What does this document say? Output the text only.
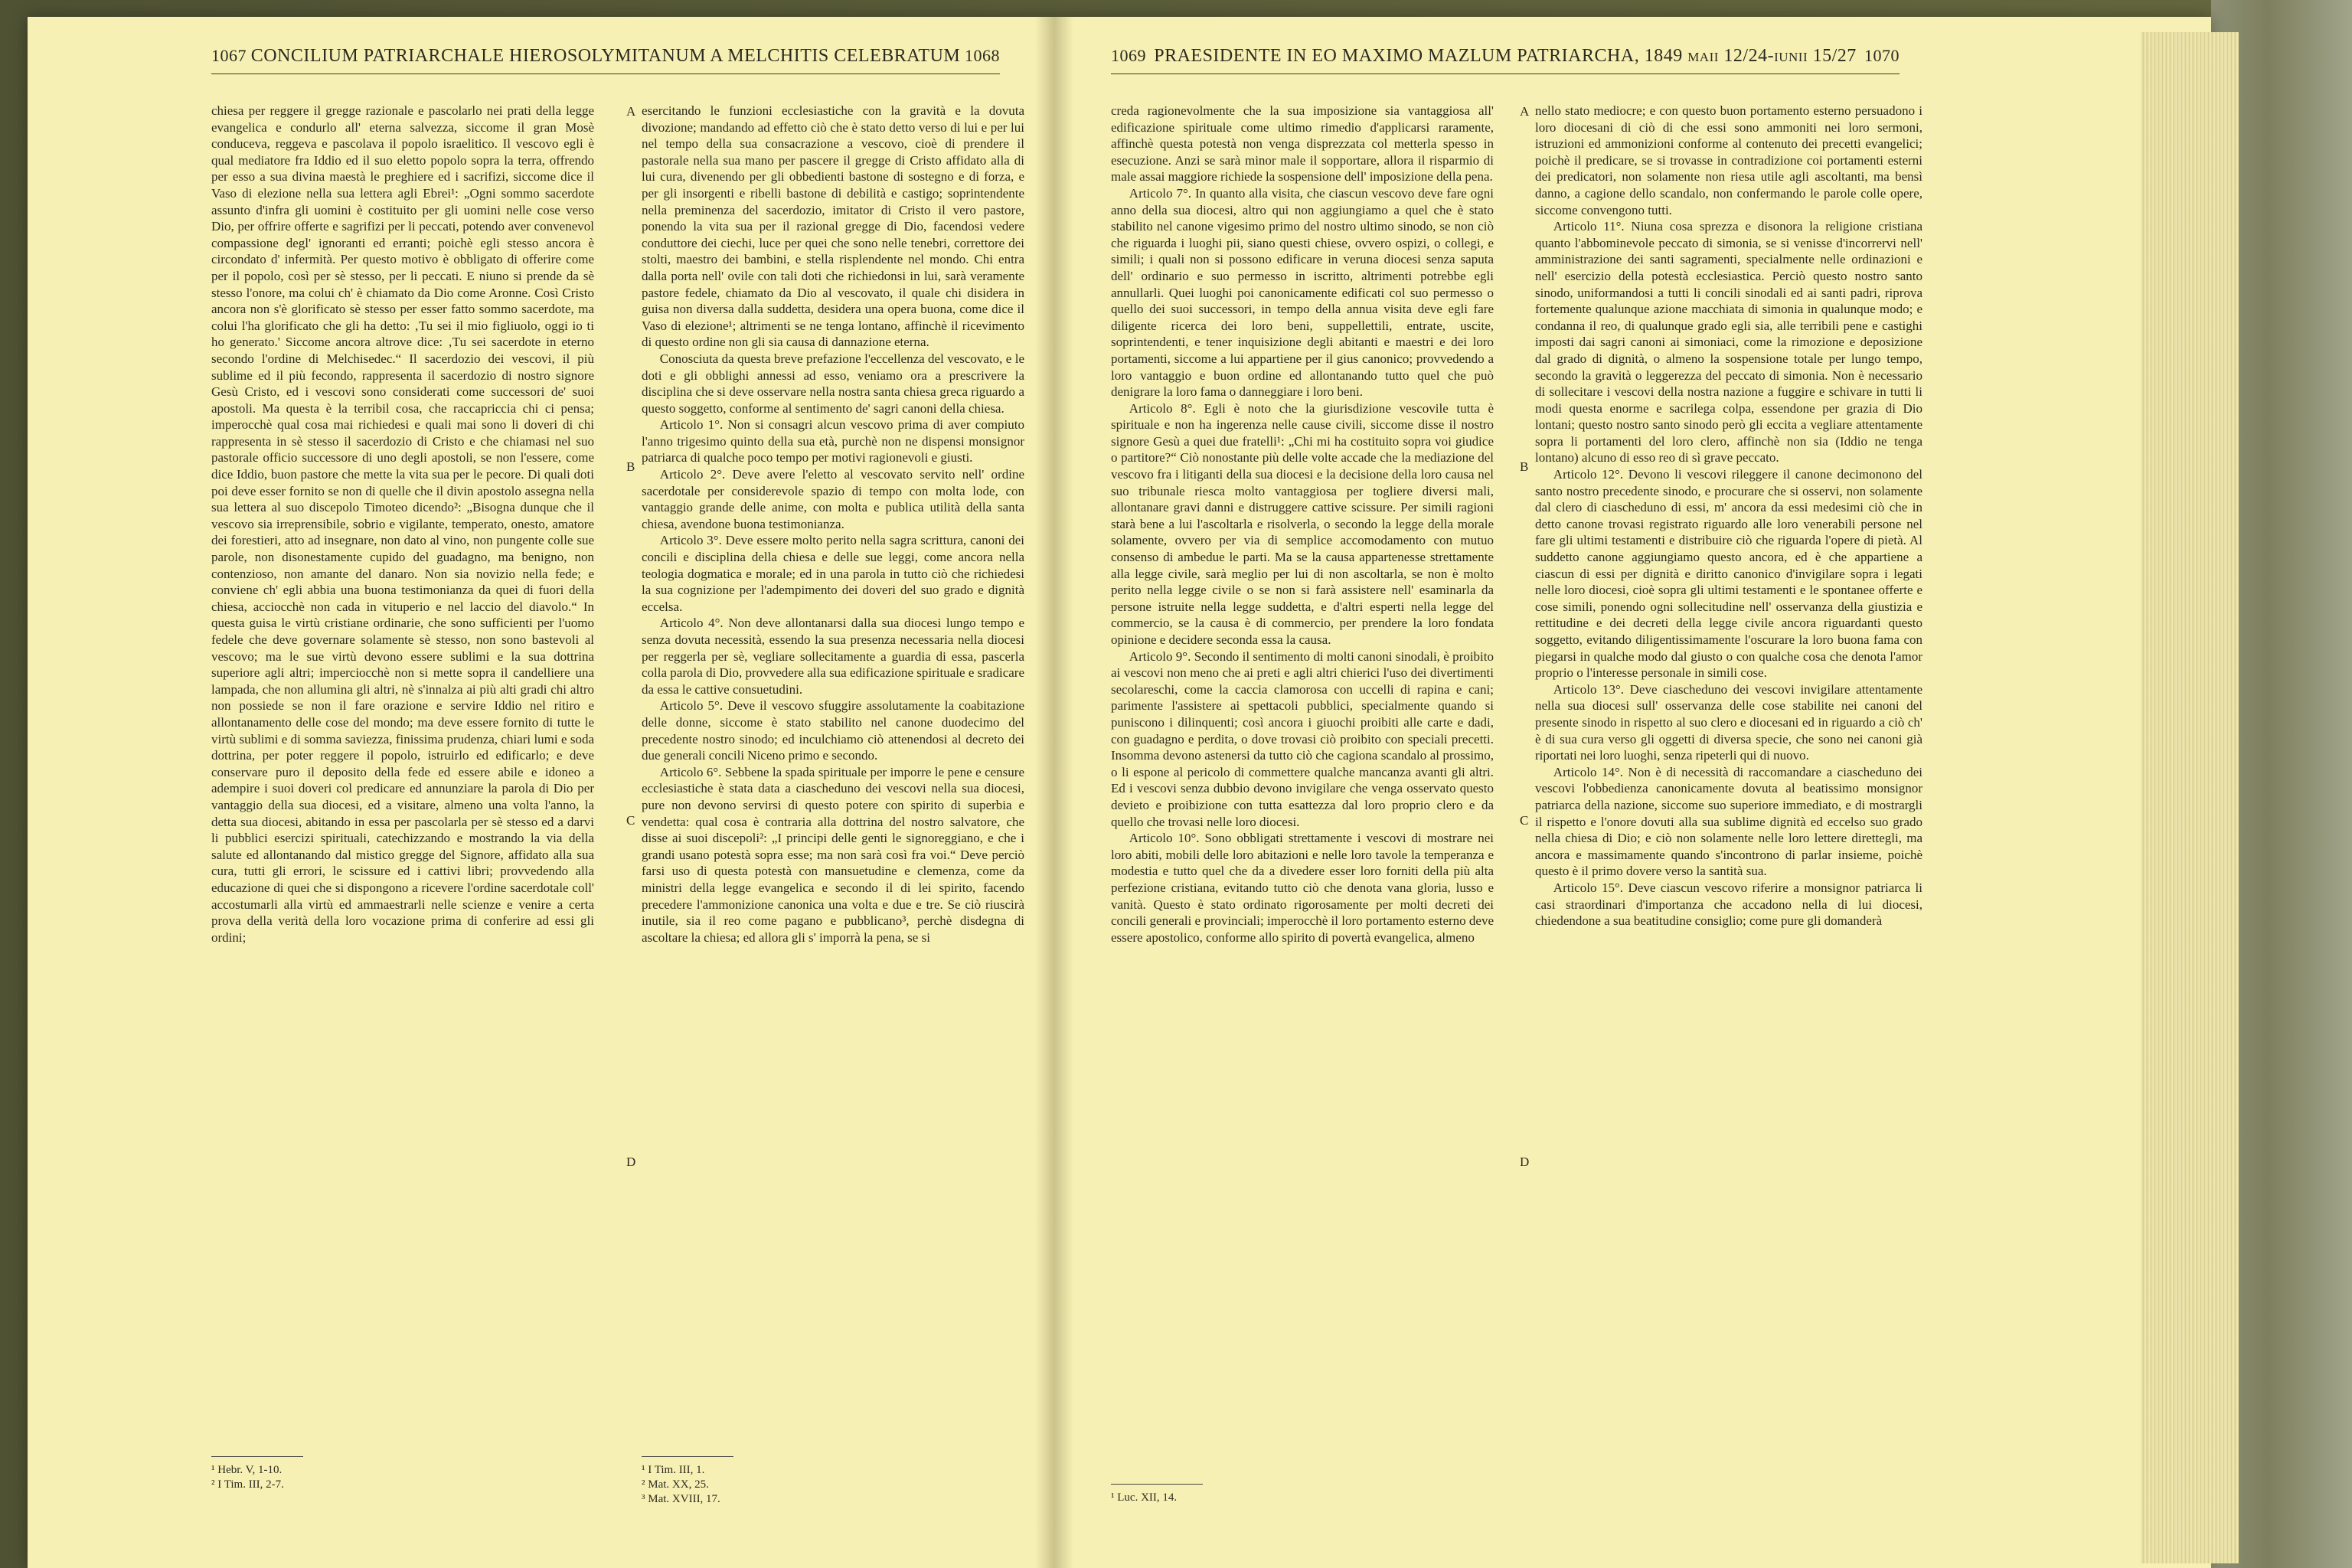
1067 CONCILIUM PATRIARCHALE HIEROSOLYMITANUM A MELCHITIS CELEBRATUM 1068

chiesa per reggere il gregge razionale e pascolarlo nei prati della legge evangelica e condurlo all' eterna salvezza, siccome il gran Mosè conduceva, reggeva e pascolava il popolo israelitico. Il vescovo egli è qual mediatore fra Iddio ed il suo eletto popolo sopra la terra, offrendo per esso a sua divina maestà le preghiere ed i sacrifizi, siccome dice il Vaso di elezione nella sua lettera agli Ebrei¹: „Ogni sommo sacerdote assunto d'infra gli uomini è costituito per gli uomini nelle cose verso Dio, per offrire offerte e sagrifizi per li peccati, potendo aver convenevol compassione degl' ignoranti ed erranti; poichè egli stesso ancora è circondato d' infermità. Per questo motivo è obbligato di offerire come per il popolo, così per sè stesso, per li peccati. E niuno si prende da sè stesso l'onore, ma colui ch' è chiamato da Dio come Aronne. Così Cristo ancora non s'è glorificato sè stesso per esser fatto sommo sacerdote, ma colui l'ha glorificato che gli ha detto: ‚Tu sei il mio figliuolo, oggi io ti ho generato.' Siccome ancora altrove dice: ‚Tu sei sacerdote in eterno secondo l'ordine di Melchisedec.“ Il sacerdozio dei vescovi, il più sublime ed il più fecondo, rappresenta il sacerdozio di nostro signore Gesù Cristo, ed i vescovi sono considerati come successori de' suoi apostoli. Ma questa è la terribil cosa, che raccapriccia chi ci pensa; imperocchè qual cosa mai richiedesi e quali mai sono li doveri di chi rappresenta in sè stesso il sacerdozio di Cristo e che chiamasi nel suo pastorale officio successore di uno degli apostoli, se non l'essere, come dice Iddio, buon pastore che mette la vita sua per le pecore. Di quali doti poi deve esser fornito se non di quelle che il divin apostolo assegna nella sua lettera al suo discepolo Timoteo dicendo²: „Bisogna dunque che il vescovo sia irreprensibile, sobrio e vigilante, temperato, onesto, amatore dei forestieri, atto ad insegnare, non dato al vino, non pungente colle sue parole, non disonestamente cupido del guadagno, ma benigno, non contenzioso, non amante del danaro. Non sia novizio nella fede; e conviene ch' egli abbia una buona testimonianza da quei di fuori della chiesa, acciocchè non cada in vituperio e nel laccio del diavolo.“ In questa guisa le virtù cristiane ordinarie, che sono sufficienti per l'uomo fedele che deve governare solamente sè stesso, non sono bastevoli al vescovo; ma le sue virtù devono essere sublimi e la sua dottrina superiore agli altri; imperciocchè non si mette sopra il candelliere una lampada, che non allumina gli altri, nè s'innalza ai più alti gradi chi altro non possiede se non il fare orazione e servire Iddio nel ritiro e allontanamento delle cose del mondo; ma deve essere fornito di tutte le virtù sublimi e di somma saviezza, finissima prudenza, chiari lumi e soda dottrina, per poter reggere il popolo, istruirlo ed edificarlo; e deve conservare puro il deposito della fede ed essere abile e idoneo a adempire i suoi doveri col predicare ed annunziare la parola di Dio per vantaggio della sua diocesi, ed a visitare, almeno una volta l'anno, la detta sua diocesi, abitando in essa per pascolarla per sè stesso ed a darvi li pubblici esercizi spirituali, catechizzando e mostrando la via della salute ed allontanando dal mistico gregge del Signore, affidato alla sua cura, tutti gli errori, le scissure ed i cattivi libri; provvedendo alla educazione di quei che si dispongono a ricevere l'ordine sacerdotale coll' accostumarli alla virtù ed ammaestrarli nelle scienze e venire a certa prova della verità della loro vocazione prima di conferire ad essi gli ordini;

A
B
C
D

esercitando le funzioni ecclesiastiche con la gravità e la dovuta divozione; mandando ad effetto ciò che è stato detto verso di lui e per lui nel tempo della sua consacrazione a vescovo, cioè di prendere il pastorale nella sua mano per pascere il gregge di Cristo affidato alla di lui cura, divenendo per gli obbedienti bastone di sostegno e di forza, e per gli insorgenti e ribelli bastone di debilità e castigo; soprintendente nella preminenza del sacerdozio, imitator di Cristo il vero pastore, ponendo la vita sua per il razional gregge di Dio, facendosi vedere conduttore dei ciechi, luce per quei che sono nelle tenebri, correttore dei stolti, maestro dei bambini, e stella risplendente nel mondo. Chi entra dalla porta nell' ovile con tali doti che richiedonsi in lui, sarà veramente pastore fedele, chiamato da Dio al vescovato, il quale chi disidera in guisa non diversa dalla suddetta, desidera una opera buona, come dice il Vaso di elezione¹; altrimenti se ne tenga lontano, affinchè il ricevimento di questo ordine non gli sia causa di dannazione eterna.

Conosciuta da questa breve prefazione l'eccellenza del vescovato, e le doti e gli obblighi annessi ad esso, veniamo ora a prescrivere la disciplina che si deve osservare nella nostra santa chiesa greca riguardo a questo soggetto, conforme al sentimento de' sagri canoni della chiesa.

Articolo 1°. Non si consagri alcun vescovo prima di aver compiuto l'anno trigesimo quinto della sua età, purchè non ne dispensi monsignor patriarca di qualche poco tempo per motivi ragionevoli e giusti.

Articolo 2°. Deve avere l'eletto al vescovato servito nell' ordine sacerdotale per considerevole spazio di tempo con molta lode, con vantaggio grande delle anime, con molta e publica utilità della santa chiesa, avendone buona testimonianza.

Articolo 3°. Deve essere molto perito nella sagra scrittura, canoni dei concili e disciplina della chiesa e delle sue leggi, come ancora nella teologia dogmatica e morale; ed in una parola in tutto ciò che richiedesi la sua cognizione per l'adempimento dei doveri del suo grado e dignità eccelsa.

Articolo 4°. Non deve allontanarsi dalla sua diocesi lungo tempo e senza dovuta necessità, essendo la sua presenza necessaria nella diocesi per reggerla per sè, vegliare sollecitamente a guardia di essa, pascerla colla parola di Dio, provvedere alla sua edificazione spirituale e sradicare da essa le cattive consuetudini.

Articolo 5°. Deve il vescovo sfuggire assolutamente la coabitazione delle donne, siccome è stato stabilito nel canone duodecimo del precedente nostro sinodo; ed inculchiamo ciò attenendosi al decreto dei due generali concili Niceno primo e secondo.

Articolo 6°. Sebbene la spada spirituale per imporre le pene e censure ecclesiastiche è stata data a ciascheduno dei vescovi nella sua diocesi, pure non devono servirsi di questo potere con spirito di superbia e vendetta: qual cosa è contraria alla dottrina del nostro salvatore, che disse ai suoi discepoli²: „I principi delle genti le signoreggiano, e che i grandi usano potestà sopra esse; ma non sarà così fra voi.“ Deve perciò farsi uso di questa potestà con mansuetudine e clemenza, come da ministri della legge evangelica e secondo il di lei spirito, facendo precedere l'ammonizione canonica una volta e due e tre. Se ciò riuscirà inutile, sia il reo come pagano e pubblicano³, perchè disdegna di ascoltare la chiesa; ed allora gli s' imporrà la pena, se si

¹ Hebr. V, 1-10.
² I Tim. III, 2-7.
¹ I Tim. III, 1.
² Mat. XX, 25.
³ Mat. XVIII, 17.
1069 PRAESIDENTE IN EO MAXIMO MAZLUM PATRIARCHA, 1849 maii 12/24-iunii 15/27 1070

creda ragionevolmente che la sua imposizione sia vantaggiosa all' edificazione spirituale come ultimo rimedio d'applicarsi raramente, affinchè questa potestà non venga disprezzata col metterla spesso in esecuzione. Anzi se sarà minor male il sopportare, allora il risparmio di male assai maggiore richiede la sospensione dell' imposizione della pena.

Articolo 7°. In quanto alla visita, che ciascun vescovo deve fare ogni anno della sua diocesi, altro qui non aggiungiamo a quel che è stato stabilito nel canone vigesimo primo del nostro ultimo sinodo, se non ciò che riguarda i luoghi pii, siano questi chiese, ovvero ospizi, o collegi, e simili; i quali non si possono edificare in veruna diocesi senza saputa dell' ordinario e suo permesso in iscritto, altrimenti potrebbe egli annullarli. Quei luoghi poi canonicamente edificati col suo permesso o quello dei suoi successori, in tempo della annua visita deve egli fare diligente ricerca dei loro beni, suppellettili, entrate, uscite, soprintendenti, e tener inquisizione degli abitanti e maestri e dei loro portamenti, siccome a lui appartiene per il gius canonico; provvedendo a loro vantaggio e buon ordine ed allontanando tutto quel che può denigrare la loro fama o danneggiare i loro beni.

Articolo 8°. Egli è noto che la giurisdizione vescovile tutta è spirituale e non ha ingerenza nelle cause civili, siccome disse il nostro signore Gesù a quei due fratelli¹: „Chi mi ha costituito sopra voi giudice o partitore?“ Ciò nonostante più delle volte accade che la mediazione del vescovo fra i litiganti della sua diocesi e la decisione della loro causa nel suo tribunale riesca molto vantaggiosa per togliere diversi mali, allontanare gravi danni e distruggere cattive scissure. Per simili ragioni starà bene a lui l'ascoltarla e risolverla, o secondo la legge della morale solamente, ovvero per via di semplice accomodamento con mutuo consenso di ambedue le parti. Ma se la causa appartenesse strettamente alla legge civile, sarà meglio per lui di non ascoltarla, se non è molto perito nella legge civile o se non si farà assistere nell' esaminarla da persone istruite nella legge suddetta, e d'altri esperti nella legge del commercio, se la causa è di commercio, per prendere la loro fondata opinione e decidere seconda essa la causa.

Articolo 9°. Secondo il sentimento di molti canoni sinodali, è proibito ai vescovi non meno che ai preti e agli altri chierici l'uso dei divertimenti secolareschi, come la caccia clamorosa con uccelli di rapina e cani; parimente l'assistere ai spettacoli pubblici, specialmente quando si puniscono i dilinquenti; così ancora i giuochi proibiti alle carte e dadi, con guadagno e perdita, o dove trovasi ciò proibito con speciali precetti. Insomma devono astenersi da tutto ciò che cagiona scandalo al prossimo, o li espone al pericolo di commettere qualche mancanza avanti gli altri. Ed i vescovi senza dubbio devono invigilare che venga osservato questo devieto e proibizione con tutta esattezza dal loro proprio clero e da quello che trovasi nelle loro diocesi.

Articolo 10°. Sono obbligati strettamente i vescovi di mostrare nei loro abiti, mobili delle loro abitazioni e nelle loro tavole la temperanza e modestia e tutto quel che da a divedere esser loro forniti della più alta perfezione cristiana, evitando tutto ciò che denota vana gloria, lusso e vanità. Questo è stato ordinato rigorosamente per molti decreti dei concili generali e provinciali; imperocchè il loro portamento esterno deve essere apostolico, conforme allo spirito di povertà evangelica, almeno

A
B
C
D

nello stato mediocre; e con questo buon portamento esterno persuadono i loro diocesani di ciò di che essi sono ammoniti nei loro sermoni, istruzioni ed ammonizioni conforme al contenuto dei precetti evangelici; poichè il predicare, se si trovasse in contradizione coi portamenti esterni dei predicatori, non solamente non riesa utile agli ascoltanti, ma bensì danno, a cagione dello scandalo, non confermando le parole colle opere, siccome convengono tutti.

Articolo 11°. Niuna cosa sprezza e disonora la religione cristiana quanto l'abbominevole peccato di simonia, se si venisse d'incorrervi nell' amministrazione dei santi sagramenti, specialmente nelle ordinazioni e nell' esercizio della potestà ecclesiastica. Perciò questo nostro santo sinodo, uniformandosi a tutti li concili sinodali ed ai santi padri, riprova fortemente qualunque azione macchiata di simonia in qualunque modo; e condanna il reo, di qualunque grado egli sia, alle terribili pene e castighi imposti dai sagri canoni ai simoniaci, come la rimozione e deposizione dal grado di dignità, o almeno la sospensione totale per lungo tempo, secondo la gravità o leggerezza del peccato di simonia. Non è necessario di sollecitare i vescovi della nostra nazione a fuggire e schivare in tutti li modi questa enorme e sacrilega colpa, essendone per grazia di Dio lontani; questo nostro santo sinodo però gli eccita a vegliare attentamente sopra li portamenti del loro clero, affinchè non sia (Iddio ne tenga lontano) alcuno di esso reo di sì grave peccato.

Articolo 12°. Devono li vescovi rileggere il canone decimonono del santo nostro precedente sinodo, e procurare che si osservi, non solamente dal clero di ciascheduno di essi, m' ancora da essi medesimi ciò che in detto canone trovasi registrato riguardo alle loro venerabili persone nel fare gli ultimi testamenti e distribuire ciò che riguarda l'opere di pietà. Al suddetto canone aggiungiamo questo ancora, ed è che appartiene a ciascun di essi per dignità e diritto canonico d'invigilare sopra i legati nelle loro diocesi, cioè sopra gli ultimi testamenti e le spontanee offerte e cose simili, ponendo ogni sollecitudine nell' osservanza della giustizia e rettitudine e dei decreti della legge civile ancora riguardanti questo soggetto, evitando diligentissimamente l'oscurare la loro buona fama con piegarsi in qualche modo dal giusto o con qualche cosa che denota l'amor proprio o l'interesse personale in simili cose.

Articolo 13°. Deve ciascheduno dei vescovi invigilare attentamente nella sua diocesi sull' osservanza delle cose stabilite nei canoni del presente sinodo in rispetto al suo clero e diocesani ed in riguardo a ciò ch' è di sua cura verso gli oggetti di diversa specie, che sono nei canoni già riportati nei loro luoghi, senza ripeterli qui di nuovo.

Articolo 14°. Non è di necessità di raccomandare a ciascheduno dei vescovi l'obbedienza canonicamente dovuta al beatissimo monsignor patriarca della nazione, siccome suo superiore immediato, e di mostrargli il rispetto e l'onore dovuti alla sua sublime dignità ed eccelso suo grado nella chiesa di Dio; e ciò non solamente nelle loro lettere direttegli, ma ancora e massimamente quando s'incontrono di parlar insieme, poichè questo è il primo dovere verso la santità sua.

Articolo 15°. Deve ciascun vescovo riferire a monsignor patriarca li casi straordinari d'importanza che accadono nella di lui diocesi, chiedendone a sua beatitudine consiglio; come pure gli domanderà

¹ Luc. XII, 14.
